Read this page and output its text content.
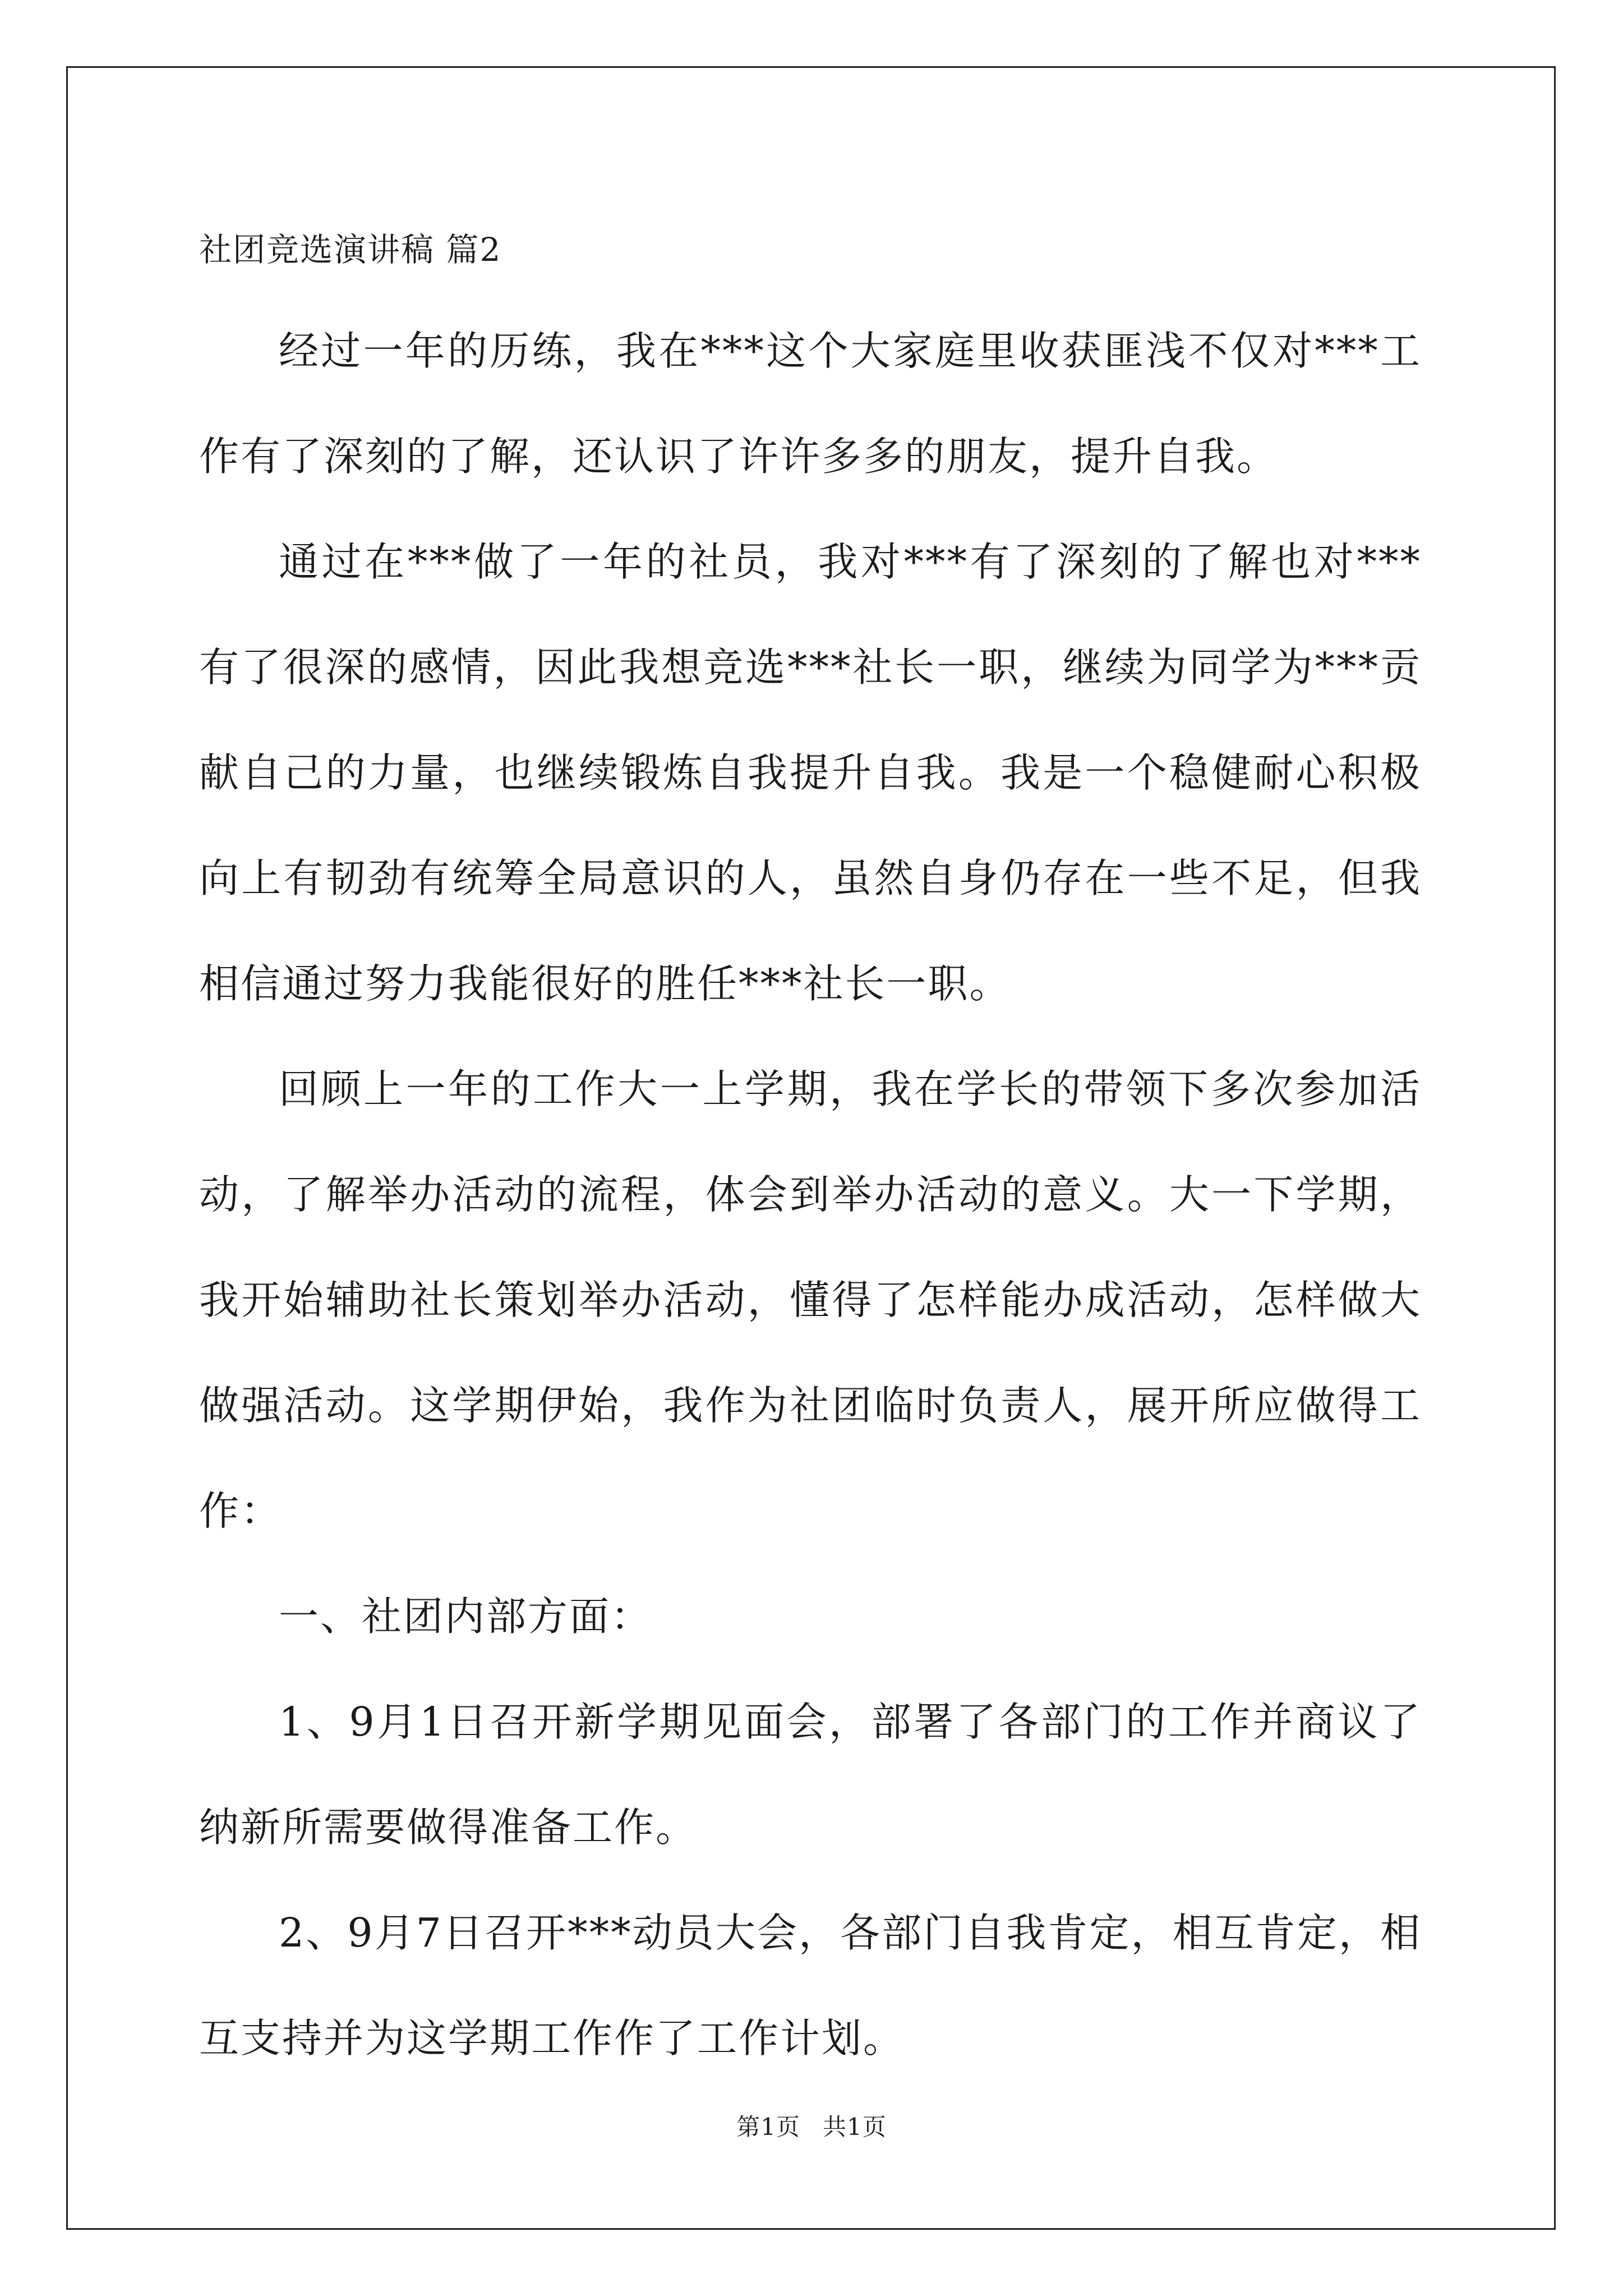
社团竞选演讲稿 篇2

经过一年的历练，我在***这个大家庭里收获匪浅不仅对***工作有了深刻的了解，还认识了许许多多的朋友，提升自我。

通过在***做了一年的社员，我对***有了深刻的了解也对***有了很深的感情，因此我想竞选***社长一职，继续为同学为***贡献自己的力量，也继续锻炼自我提升自我。我是一个稳健耐心积极向上有韧劲有统筹全局意识的人，虽然自身仍存在一些不足，但我相信通过努力我能很好的胜任***社长一职。

回顾上一年的工作大一上学期，我在学长的带领下多次参加活动，了解举办活动的流程，体会到举办活动的意义。大一下学期，我开始辅助社长策划举办活动，懂得了怎样能办成活动，怎样做大做强活动。这学期伊始，我作为社团临时负责人，展开所应做得工作：

一、社团内部方面：

1、9月1日召开新学期见面会，部署了各部门的工作并商议了纳新所需要做得准备工作。

2、9月7日召开***动员大会，各部门自我肯定，相互肯定，相互支持并为这学期工作作了工作计划。

第1页 共1页
